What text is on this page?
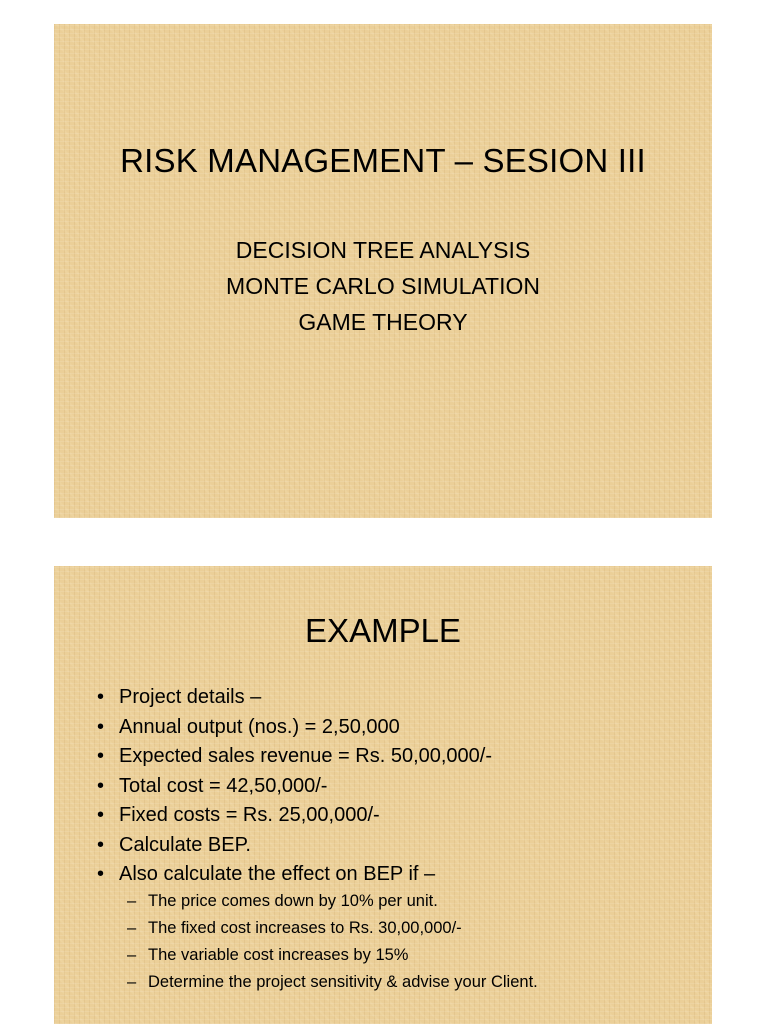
RISK MANAGEMENT – SESION III
DECISION TREE ANALYSIS
MONTE CARLO SIMULATION
GAME THEORY
EXAMPLE
• Project details –
• Annual output (nos.) = 2,50,000
• Expected sales revenue = Rs. 50,00,000/-
• Total cost = 42,50,000/-
• Fixed costs = Rs. 25,00,000/-
• Calculate BEP.
• Also calculate the effect on BEP if –
– The price comes down by 10% per unit.
– The fixed cost increases to Rs. 30,00,000/-
– The variable cost increases by 15%
– Determine the project sensitivity & advise your Client.
